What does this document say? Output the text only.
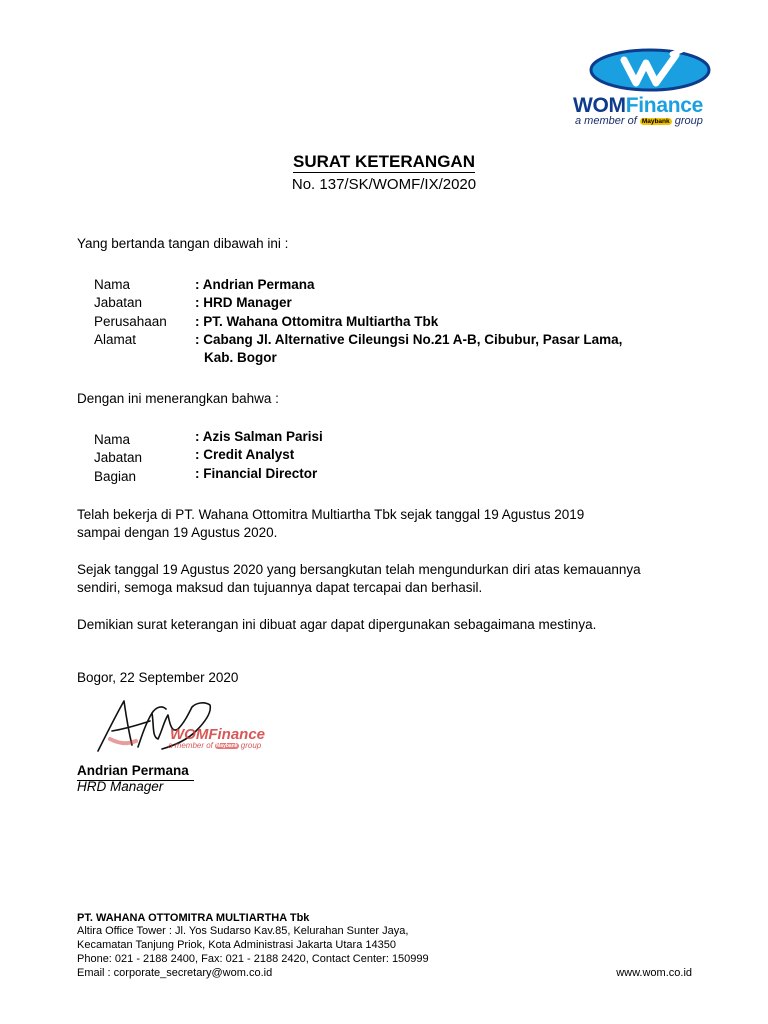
WOMFinance
a member of Maybank group
SURAT KETERANGAN
No. 137/SK/WOMF/IX/2020
Yang bertanda tangan dibawah ini :
Nama	: Andrian Permana
Jabatan	: HRD Manager
Perusahaan : PT. Wahana Ottomitra Multiartha Tbk
Alamat	: Cabang Jl. Alternative Cileungsi No.21 A-B, Cibubur, Pasar Lama,
Kab. Bogor
Dengan ini menerangkan bahwa :
Nama	: Azis Salman Parisi
Jabatan	: Credit Analyst
Bagian	: Financial Director
Telah bekerja di PT. Wahana Ottomitra Multiartha Tbk sejak tanggal 19 Agustus 2019
sampai dengan 19 Agustus 2020.
Sejak tanggal 19 Agustus 2020 yang bersangkutan telah mengundurkan diri atas kemauannya
sendiri, semoga maksud dan tujuannya dapat tercapai dan berhasil.
Demikian surat keterangan ini dibuat agar dapat dipergunakan sebagaimana mestinya.
Bogor, 22 September 2020
WOMFinance
a member of Maybank group
Andrian Permana
HRD Manager
PT. WAHANA OTTOMITRA MULTIARTHA Tbk
Altira Office Tower : Jl. Yos Sudarso Kav.85, Kelurahan Sunter Jaya,
Kecamatan Tanjung Priok, Kota Administrasi Jakarta Utara 14350
Phone: 021 - 2188 2400, Fax: 021 - 2188 2420, Contact Center: 150999
Email : corporate_secretary@wom.co.id	www.wom.co.id
